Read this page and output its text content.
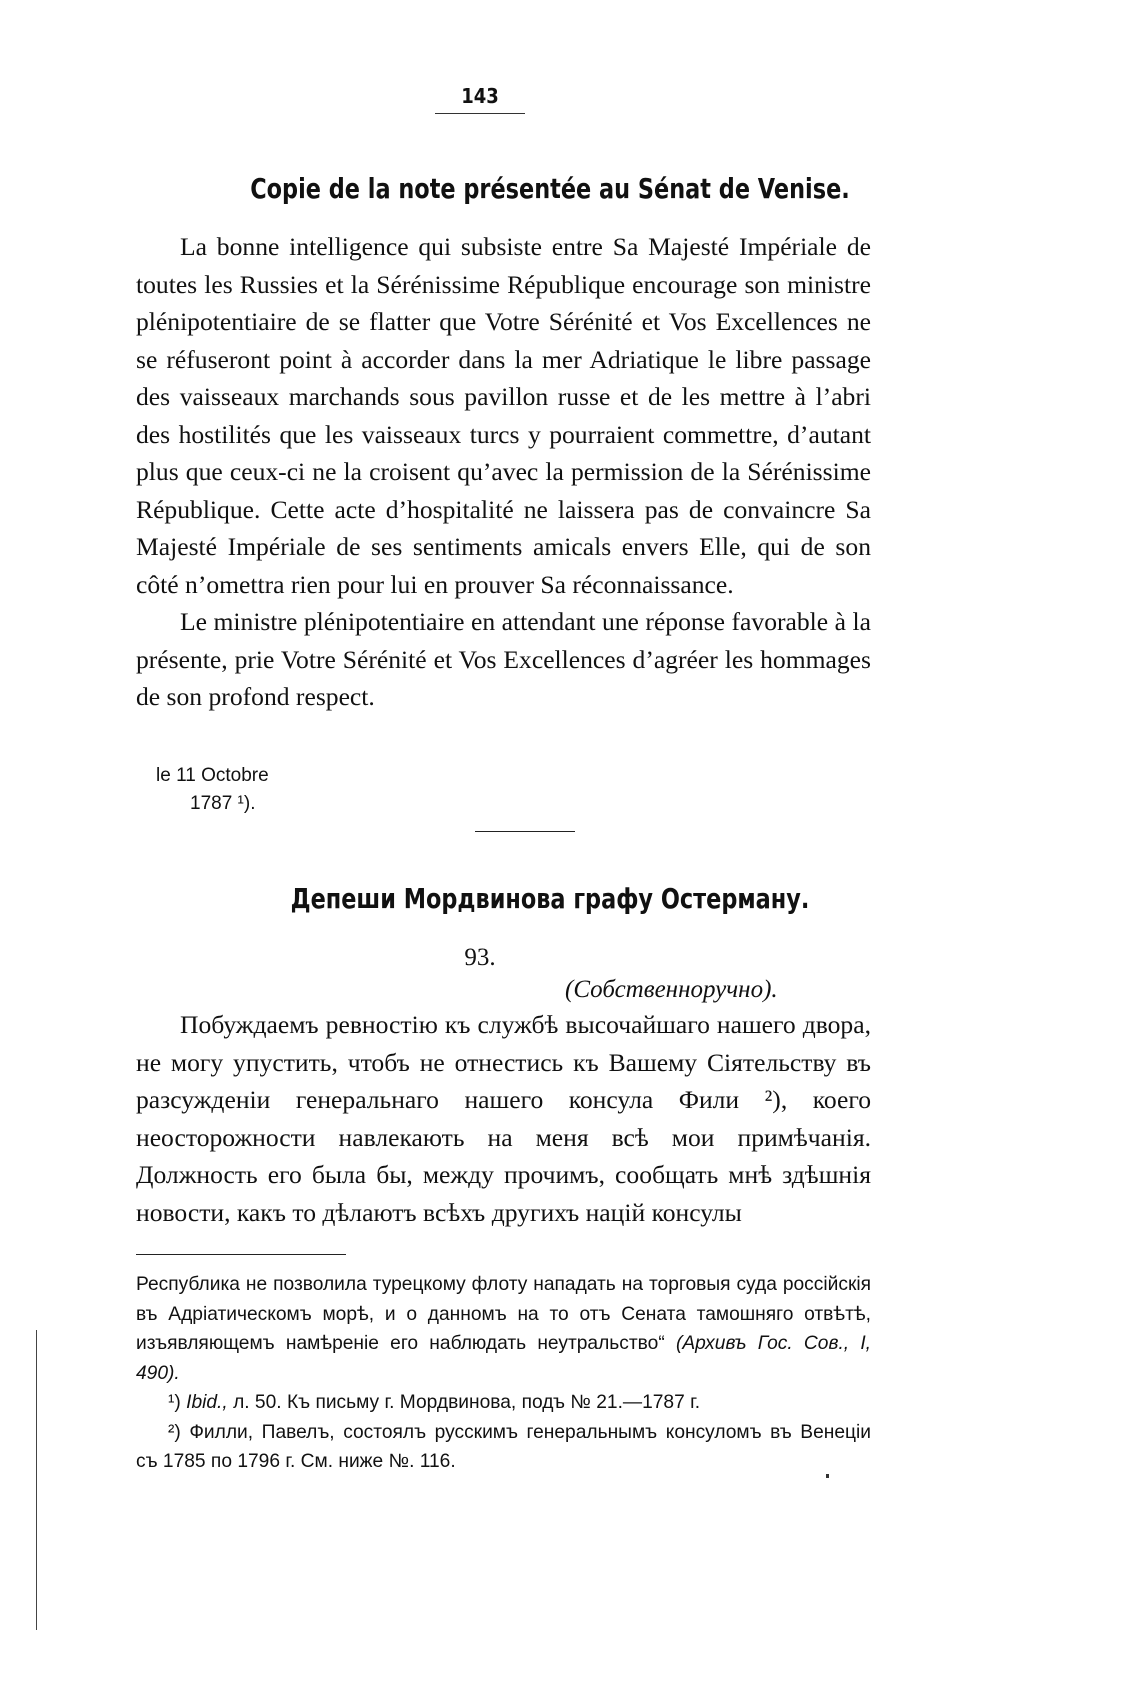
143
Copie de la note présentée au Sénat de Venise.

La bonne intelligence qui subsiste entre Sa Majesté Impériale de toutes les Russies et la Sérénissime République encourage son ministre plénipotentiaire de se flatter que Votre Sérénité et Vos Excellences ne se réfuseront point à accorder dans la mer Adriatique le libre passage des vaisseaux marchands sous pavillon russe et de les mettre à l’abri des hostilités que les vaisseaux turcs y pourraient commettre, d’autant plus que ceux-ci ne la croisent qu’avec la permission de la Sérénissime République. Cette acte d’hospitalité ne laissera pas de convaincre Sa Majesté Impériale de ses sentiments amicals envers Elle, qui de son côté n’omettra rien pour lui en prouver Sa réconnaissance.

Le ministre plénipotentiaire en attendant une réponse favorable à la présente, prie Votre Sérénité et Vos Excellences d’agréer les hommages de son profond respect.

le 11 Octobre
1787 ¹).
Депеши Мордвинова графу Остерману.
93.
(Собственноручно).

Побуждаемъ ревностію къ службѣ высочайшаго нашего двора, не могу упустить, чтобъ не отнестись къ Вашему Сіятельству въ разсужденіи генеральнаго нашего консула Фили ²), коего неосторожности навлекають на меня всѣ мои примѣчанія. Должность его была бы, между прочимъ, сообщать мнѣ здѣшнія новости, какъ то дѣлаютъ всѣхъ другихъ націй консулы

Республика не позволила турецкому флоту нападать на торговыя суда россійскія въ Адріатическомъ морѣ, и о данномъ на то отъ Сената тамошняго отвѣтѣ, изъявляющемъ намѣреніе его наблюдать неутральство“ (Архивъ Гос. Сов., I, 490).

¹) Ibid., л. 50. Къ письму г. Мордвинова, подъ № 21.—1787 г.

²) Филли, Павелъ, состоялъ русскимъ генеральнымъ консуломъ въ Венеціи съ 1785 по 1796 г. См. ниже №. 116.
